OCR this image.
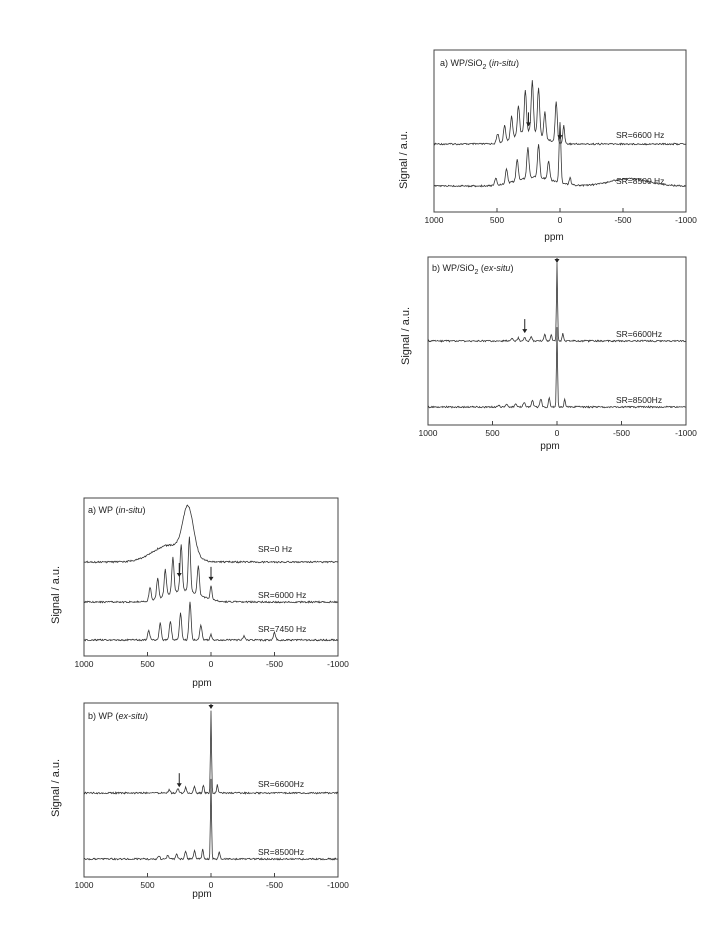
a) WP/SiO$_2$ (in-situ)
Signal / a.u.
ppm
1000	500	0	-500	-1000
SR=6600 Hz
SR=8500 Hz
b) WP/SiO$_2$ (ex-situ)
Signal / a.u.
ppm
1000	500	0	-500	-1000
SR=6600Hz
SR=8500Hz
a) WP (in-situ)
Signal / a.u.
ppm
1000	500	0	-500	-1000
SR=0 Hz
SR=6000 Hz
SR=7450 Hz
b) WP (ex-situ)
Signal / a.u.
ppm
1000	500	0	-500	-1000
SR=6600Hz
SR=8500Hz
